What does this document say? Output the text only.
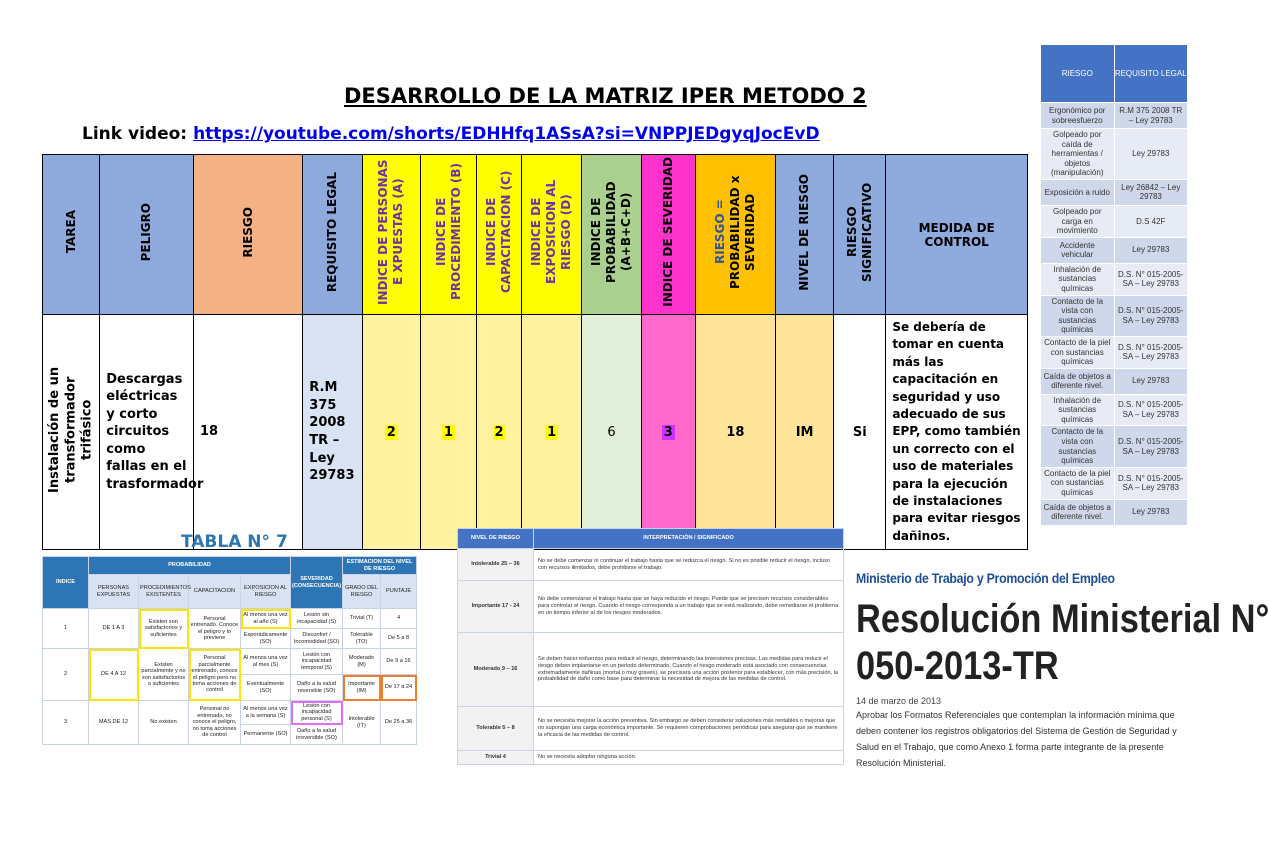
DESARROLLO DE LA MATRIZ IPER METODO 2
Link video: https://youtube.com/shorts/EDHHfq1ASsA?si=VNPPJEDgyqJocEvD
TAREA	PELIGRO	RIESGO	REQUISITO LEGAL	INDICE DE PERSONAS E XPUESTAS (A)	INDICE DE PROCEDIMIENTO (B)	INDICE DE CAPACITACION (C)	INDICE DE EXPOSICION AL RIESGO (D)	INDICE DE PROBABILIDAD (A+B+C+D)	INDICE DE SEVERIDAD	RIESGO = PROBABILIDAD x SEVERIDAD	NIVEL DE RIESGO	RIESGO SIGNIFICATIVO	MEDIDA DE CONTROL
Instalación de un transformador trifásico	Descargas eléctricas y corto circuitos como fallas en el trasformador	18	R.M 375 2008 TR – Ley 29783	2	1	2	1	6	3	18	IM	Si	Se debería de tomar en cuenta más las capacitación en seguridad y uso adecuado de sus EPP, como también un correcto con el uso de materiales para la ejecución de instalaciones para evitar riesgos dañinos.
RIESGO	REQUISITO LEGAL
Ergonómico por sobreesfuerzo	R.M 375 2008 TR – Ley 29783
Golpeado por caída de herramientas / objetos (manipulación)	Ley 29783
Exposición a ruido	Ley 26842 – Ley 29783
Golpeado por carga en movimiento	D.S 42F
Accidente vehicular	Ley 29783
Inhalación de sustancias químicas	D.S. N° 015-2005-SA – Ley 29783
Contacto de la vista con sustancias químicas	D.S. N° 015-2005-SA – Ley 29783
Contacto de la piel con sustancias químicas	D.S. N° 015-2005-SA – Ley 29783
Caída de objetos a diferente nivel.	Ley 29783
Inhalación de sustancias químicas	D.S. N° 015-2005-SA – Ley 29783
Contacto de la vista con sustancias químicas	D.S. N° 015-2005-SA – Ley 29783
Contacto de la piel con sustancias químicas	D.S. N° 015-2005-SA – Ley 29783
Caída de objetos a diferente nivel.	Ley 29783
TABLA N° 7
INDICE	PROBABILIDAD				SEVERIDAD (CONSECUENCIA)	ESTIMACION DEL NIVEL DE RIESGO	
	PERSONAS EXPUESTAS	PROCEDIMIENTOS EXISTENTES	CAPACITACION	EXPOSICION AL RIESGO		GRADO DEL RIESGO	PUNTAJE
1	DE 1 A 3	Existen son satisfactorios y suficientes	Personal entrenado. Conoce el peligro y lo previene	Al menos una vez al año (S)	Lesión sin incapacidad (S)	Trivial (T)	4
				Esporádicamente (SO)	Disconfort / Incomodidad (SO)	Tolerable (TO)	De 5 a 8
2	DE 4 A 12	Existen parcialmente y no son satisfactorios o suficientes	Personal parcialmente entrenado, conoce el peligro pero no toma acciones de control	Al menos una vez al mes (S)	Lesión con incapacidad temporal (S)	Moderado (M)	De 9 a 16
				Eventualmente (SO)	Daño a la salud reversible (SO)	Importante (IM)	De 17 a 24
3	MAS DE 12	No existen	Personal no entrenado, no conoce el peligro, no toma acciones de control	Al menos una vez a la semana (S)	Lesión con incapacidad personal (S)	Intolerable (IT)	De 25 a 36
				Permanente (SO)	Daño a la salud irreversible (SO)		
NIVEL DE RIESGO	INTERPRETACIÓN / SIGNIFICADO
Intolerable 25 – 36	No se debe comenzar ni continuar el trabajo hasta que se reduzca el riesgo. Si no es posible reducir el riesgo, incluso con recursos ilimitados, debe prohibirse el trabajo.
Importante 17 - 24	No debe comenzarse el trabajo hasta que se haya reducido el riesgo. Puede que se precisen recursos considerables para controlar el riesgo. Cuando el riesgo corresponda a un trabajo que se está realizando, debe remediarse el problema en un tiempo inferior al de los riesgos moderados.
Moderado 9 – 16	Se deben hacer esfuerzos para reducir el riesgo, determinando las inversiones precisas. Las medidas para reducir el riesgo deben implantarse en un periodo determinado. Cuando el riesgo moderado está asociado con consecuencias extremadamente dañinas (mortal o muy graves), se precisará una acción posterior para establecer, con más precisión, la probabilidad de daño como base para determinar la necesidad de mejora de las medidas de control.
Tolerable 5 – 8	No se necesita mejorar la acción preventiva. Sin embargo se deben considerar soluciones más rentables o mejoras que no supongan una carga económica importante. Se requieren comprobaciones periódicas para asegurar que se mantiene la eficacia de las medidas de control.
Trivial 4	No se necesita adoptar ninguna acción.
Ministerio de Trabajo y Promoción del Empleo
Resolución Ministerial N°
050-2013-TR
14 de marzo de 2013
Aprobar los Formatos Referenciales que contemplan la información mínima que deben contener los registros obligatorios del Sistema de Gestión de Seguridad y Salud en el Trabajo, que como Anexo 1 forma parte integrante de la presente Resolución Ministerial.
